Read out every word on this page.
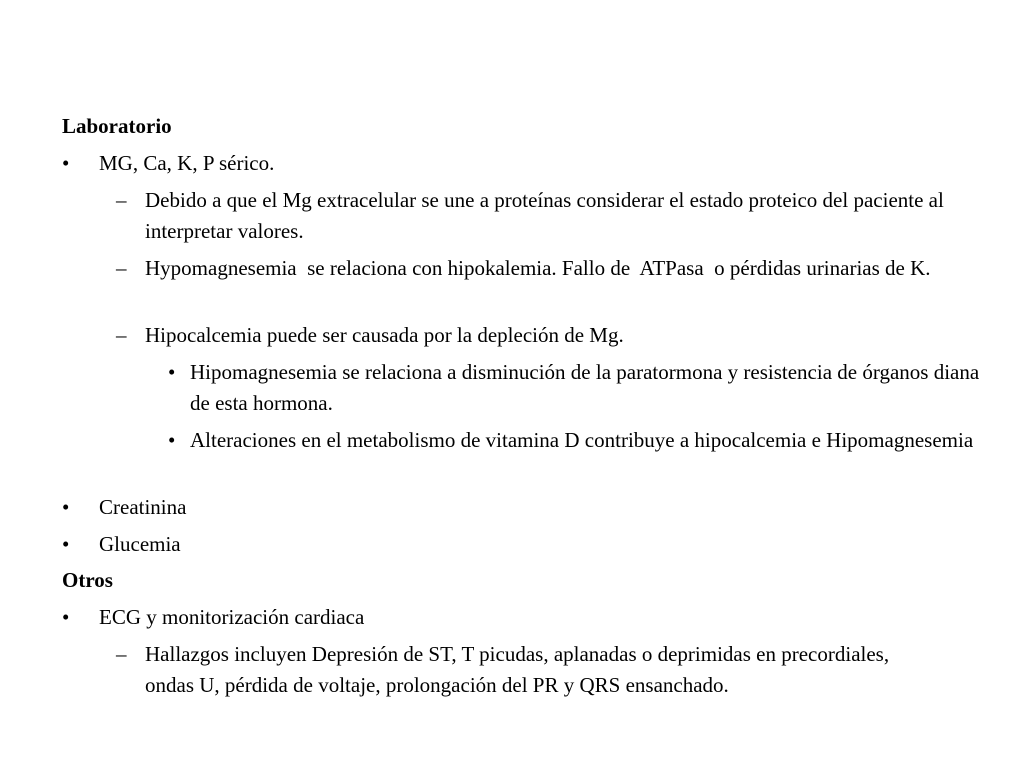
Laboratorio
• MG, Ca, K, P sérico.
– Debido a que el Mg extracelular se une a proteínas considerar el estado proteico del paciente al interpretar valores.
– Hypomagnesemia  se relaciona con hipokalemia. Fallo de  ATPasa  o pérdidas urinarias de K.
– Hipocalcemia puede ser causada por la depleción de Mg.
• Hipomagnesemia se relaciona a disminución de la paratormona y resistencia de órganos diana de esta hormona.
• Alteraciones en el metabolismo de vitamina D contribuye a hipocalcemia e Hipomagnesemia
• Creatinina
• Glucemia
Otros
• ECG y monitorización cardiaca
– Hallazgos incluyen Depresión de ST, T picudas, aplanadas o deprimidas en precordiales, ondas U, pérdida de voltaje, prolongación del PR y QRS ensanchado.
